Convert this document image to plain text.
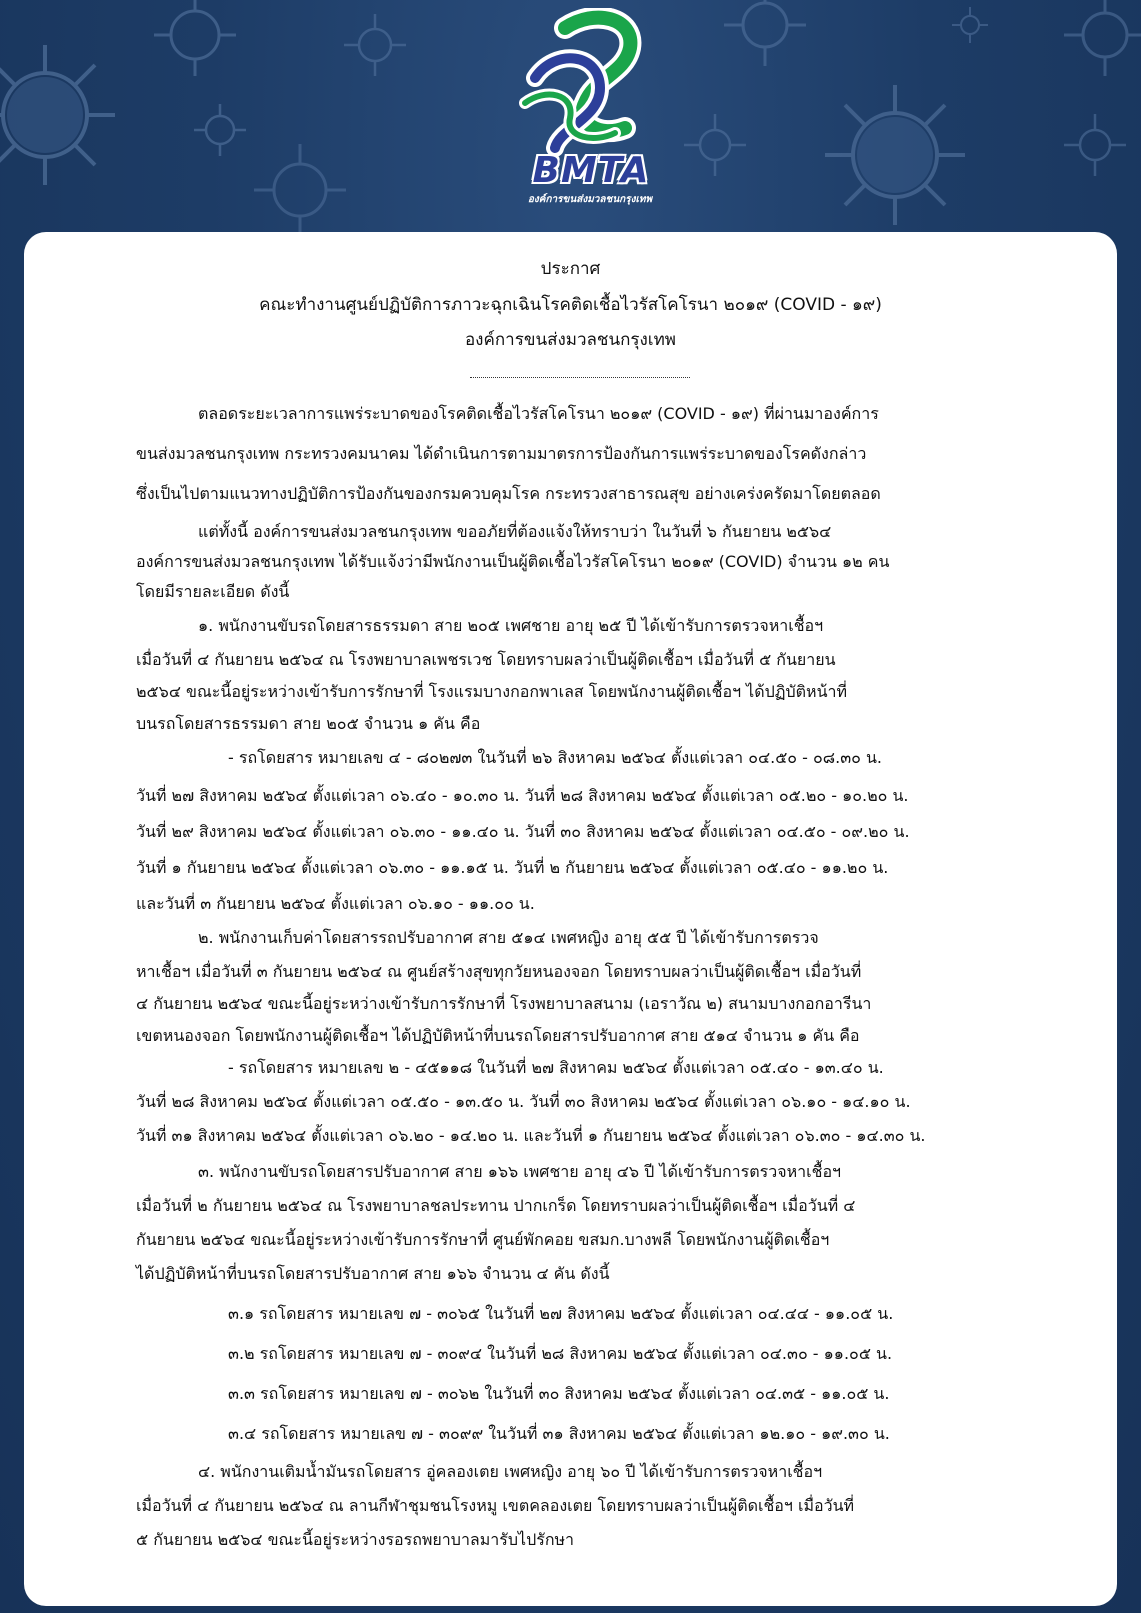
BMTA
องค์การขนส่งมวลชนกรุงเทพ
ประกาศ
คณะทำงานศูนย์ปฏิบัติการภาวะฉุกเฉินโรคติดเชื้อไวรัสโคโรนา ๒๐๑๙ (COVID - ๑๙)
องค์การขนส่งมวลชนกรุงเทพ
ตลอดระยะเวลาการแพร่ระบาดของโรคติดเชื้อไวรัสโคโรนา ๒๐๑๙ (COVID - ๑๙) ที่ผ่านมาองค์การ
ขนส่งมวลชนกรุงเทพ กระทรวงคมนาคม ได้ดำเนินการตามมาตรการป้องกันการแพร่ระบาดของโรคดังกล่าว
ซึ่งเป็นไปตามแนวทางปฏิบัติการป้องกันของกรมควบคุมโรค กระทรวงสาธารณสุข อย่างเคร่งครัดมาโดยตลอด
แต่ทั้งนี้ องค์การขนส่งมวลชนกรุงเทพ ขออภัยที่ต้องแจ้งให้ทราบว่า ในวันที่ ๖ กันยายน ๒๕๖๔
องค์การขนส่งมวลชนกรุงเทพ ได้รับแจ้งว่ามีพนักงานเป็นผู้ติดเชื้อไวรัสโคโรนา ๒๐๑๙ (COVID) จำนวน ๑๒ คน
โดยมีรายละเอียด ดังนี้
๑. พนักงานขับรถโดยสารธรรมดา สาย ๒๐๕ เพศชาย อายุ ๒๕ ปี ได้เข้ารับการตรวจหาเชื้อฯ
เมื่อวันที่ ๔ กันยายน ๒๕๖๔ ณ โรงพยาบาลเพชรเวช โดยทราบผลว่าเป็นผู้ติดเชื้อฯ เมื่อวันที่ ๕ กันยายน
๒๕๖๔ ขณะนี้อยู่ระหว่างเข้ารับการรักษาที่ โรงแรมบางกอกพาเลส โดยพนักงานผู้ติดเชื้อฯ ได้ปฏิบัติหน้าที่
บนรถโดยสารธรรมดา สาย ๒๐๕ จำนวน ๑ คัน คือ
- รถโดยสาร หมายเลข ๔ - ๘๐๒๗๓ ในวันที่ ๒๖ สิงหาคม ๒๕๖๔ ตั้งแต่เวลา ๐๔.๕๐ - ๐๘.๓๐ น.
วันที่ ๒๗ สิงหาคม ๒๕๖๔ ตั้งแต่เวลา ๐๖.๔๐ - ๑๐.๓๐ น. วันที่ ๒๘ สิงหาคม ๒๕๖๔ ตั้งแต่เวลา ๐๕.๒๐ - ๑๐.๒๐ น.
วันที่ ๒๙ สิงหาคม ๒๕๖๔ ตั้งแต่เวลา ๐๖.๓๐ - ๑๑.๔๐ น. วันที่ ๓๐ สิงหาคม ๒๕๖๔ ตั้งแต่เวลา ๐๔.๕๐ - ๐๙.๒๐ น.
วันที่ ๑ กันยายน ๒๕๖๔ ตั้งแต่เวลา ๐๖.๓๐ - ๑๑.๑๕ น. วันที่ ๒ กันยายน ๒๕๖๔ ตั้งแต่เวลา ๐๕.๔๐ - ๑๑.๒๐ น.
และวันที่ ๓ กันยายน ๒๕๖๔ ตั้งแต่เวลา ๐๖.๑๐ - ๑๑.๐๐ น.
๒. พนักงานเก็บค่าโดยสารรถปรับอากาศ สาย ๕๑๔ เพศหญิง อายุ ๕๕ ปี ได้เข้ารับการตรวจ
หาเชื้อฯ เมื่อวันที่ ๓ กันยายน ๒๕๖๔ ณ ศูนย์สร้างสุขทุกวัยหนองจอก โดยทราบผลว่าเป็นผู้ติดเชื้อฯ เมื่อวันที่
๔ กันยายน ๒๕๖๔ ขณะนี้อยู่ระหว่างเข้ารับการรักษาที่ โรงพยาบาลสนาม (เอราวัณ ๒) สนามบางกอกอารีนา
เขตหนองจอก โดยพนักงานผู้ติดเชื้อฯ ได้ปฏิบัติหน้าที่บนรถโดยสารปรับอากาศ สาย ๕๑๔ จำนวน ๑ คัน คือ
- รถโดยสาร หมายเลข ๒ - ๔๕๑๑๘ ในวันที่ ๒๗ สิงหาคม ๒๕๖๔ ตั้งแต่เวลา ๐๕.๔๐ - ๑๓.๔๐ น.
วันที่ ๒๘ สิงหาคม ๒๕๖๔ ตั้งแต่เวลา ๐๕.๕๐ - ๑๓.๕๐ น. วันที่ ๓๐ สิงหาคม ๒๕๖๔ ตั้งแต่เวลา ๐๖.๑๐ - ๑๔.๑๐ น.
วันที่ ๓๑ สิงหาคม ๒๕๖๔ ตั้งแต่เวลา ๐๖.๒๐ - ๑๔.๒๐ น. และวันที่ ๑ กันยายน ๒๕๖๔ ตั้งแต่เวลา ๐๖.๓๐ - ๑๔.๓๐ น.
๓. พนักงานขับรถโดยสารปรับอากาศ สาย ๑๖๖ เพศชาย อายุ ๔๖ ปี ได้เข้ารับการตรวจหาเชื้อฯ
เมื่อวันที่ ๒ กันยายน ๒๕๖๔ ณ โรงพยาบาลชลประทาน ปากเกร็ด โดยทราบผลว่าเป็นผู้ติดเชื้อฯ เมื่อวันที่ ๔
กันยายน ๒๕๖๔ ขณะนี้อยู่ระหว่างเข้ารับการรักษาที่ ศูนย์พักคอย ขสมก.บางพลี โดยพนักงานผู้ติดเชื้อฯ
ได้ปฏิบัติหน้าที่บนรถโดยสารปรับอากาศ สาย ๑๖๖ จำนวน ๔ คัน ดังนี้
๓.๑ รถโดยสาร หมายเลข ๗ - ๓๐๖๕ ในวันที่ ๒๗ สิงหาคม ๒๕๖๔ ตั้งแต่เวลา ๐๔.๔๔ - ๑๑.๐๕ น.
๓.๒ รถโดยสาร หมายเลข ๗ - ๓๐๙๔ ในวันที่ ๒๘ สิงหาคม ๒๕๖๔ ตั้งแต่เวลา ๐๔.๓๐ - ๑๑.๐๕ น.
๓.๓ รถโดยสาร หมายเลข ๗ - ๓๐๖๒ ในวันที่ ๓๐ สิงหาคม ๒๕๖๔ ตั้งแต่เวลา ๐๔.๓๕ - ๑๑.๐๕ น.
๓.๔ รถโดยสาร หมายเลข ๗ - ๓๐๙๙ ในวันที่ ๓๑ สิงหาคม ๒๕๖๔ ตั้งแต่เวลา ๑๒.๑๐ - ๑๙.๓๐ น.
๔. พนักงานเติมน้ำมันรถโดยสาร อู่คลองเตย เพศหญิง อายุ ๖๐ ปี ได้เข้ารับการตรวจหาเชื้อฯ
เมื่อวันที่ ๔ กันยายน ๒๕๖๔ ณ ลานกีฬาชุมชนโรงหมู เขตคลองเตย โดยทราบผลว่าเป็นผู้ติดเชื้อฯ เมื่อวันที่
๕ กันยายน ๒๕๖๔ ขณะนี้อยู่ระหว่างรอรถพยาบาลมารับไปรักษา
